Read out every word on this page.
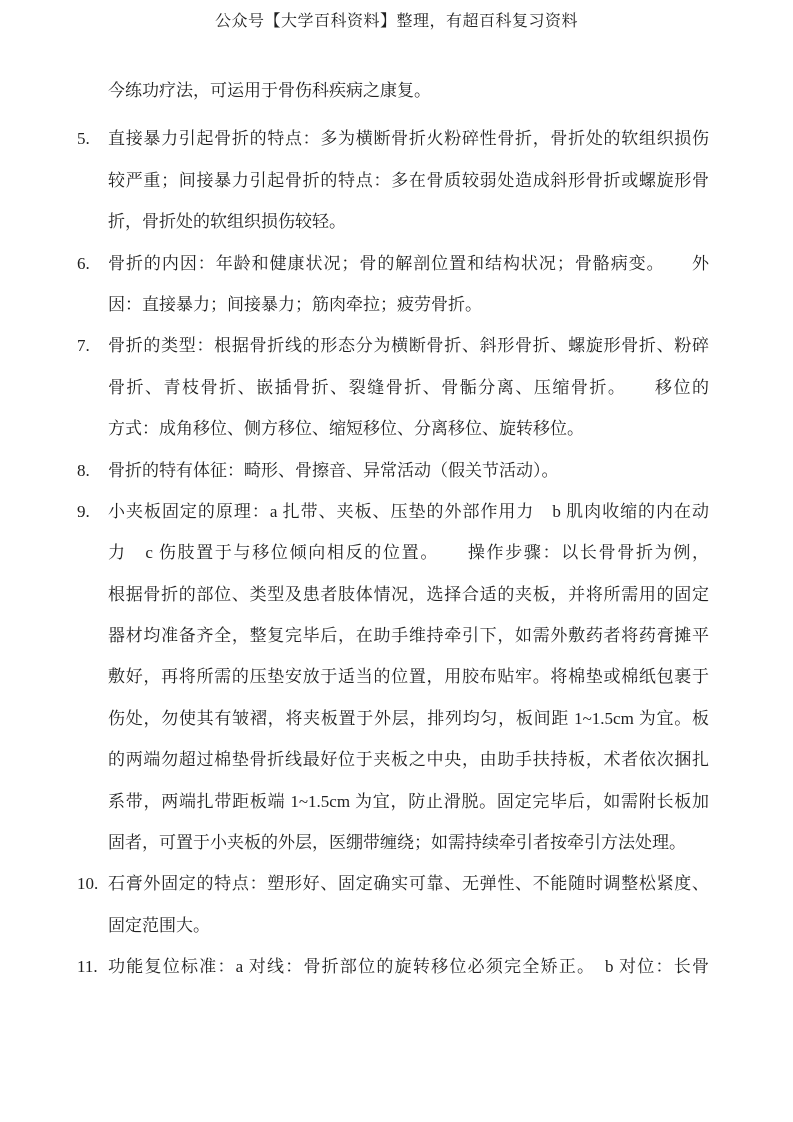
公众号【大学百科资料】整理，有超百科复习资料
今练功疗法，可运用于骨伤科疾病之康复。
5. 直接暴力引起骨折的特点：多为横断骨折火粉碎性骨折，骨折处的软组织损伤
较严重；间接暴力引起骨折的特点：多在骨质较弱处造成斜形骨折或螺旋形骨
折，骨折处的软组织损伤较轻。
6. 骨折的内因：年龄和健康状况；骨的解剖位置和结构状况；骨骼病变。　　外
因：直接暴力；间接暴力；筋肉牵拉；疲劳骨折。
7. 骨折的类型：根据骨折线的形态分为横断骨折、斜形骨折、螺旋形骨折、粉碎
骨折、青枝骨折、嵌插骨折、裂缝骨折、骨骺分离、压缩骨折。　　移位的
方式：成角移位、侧方移位、缩短移位、分离移位、旋转移位。
8. 骨折的特有体征：畸形、骨擦音、异常活动（假关节活动）。
9. 小夹板固定的原理：a 扎带、夹板、压垫的外部作用力　b 肌肉收缩的内在动
力　c 伤肢置于与移位倾向相反的位置。　　操作步骤：以长骨骨折为例，
根据骨折的部位、类型及患者肢体情况，选择合适的夹板，并将所需用的固定
器材均准备齐全，整复完毕后，在助手维持牵引下，如需外敷药者将药膏摊平
敷好，再将所需的压垫安放于适当的位置，用胶布贴牢。将棉垫或棉纸包裹于
伤处，勿使其有皱褶，将夹板置于外层，排列均匀，板间距 1~1.5cm 为宜。板
的两端勿超过棉垫骨折线最好位于夹板之中央，由助手扶持板，术者依次捆扎
系带，两端扎带距板端 1~1.5cm 为宜，防止滑脱。固定完毕后，如需附长板加
固者，可置于小夹板的外层，医绷带缠绕；如需持续牵引者按牵引方法处理。
10. 石膏外固定的特点：塑形好、固定确实可靠、无弹性、不能随时调整松紧度、
固定范围大。
11. 功能复位标准：a 对线：骨折部位的旋转移位必须完全矫正。　b 对位：长骨
